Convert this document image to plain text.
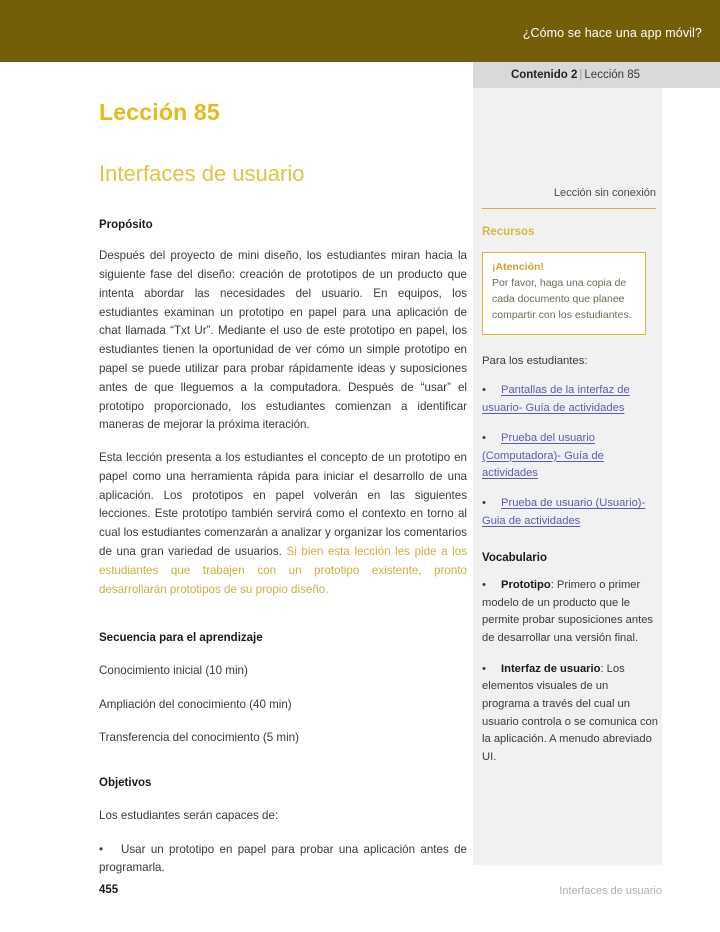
¿Cómo se hace una app móvil?
Contenido 2 | Lección 85
Lección 85
Interfaces de usuario
Propósito

Después del proyecto de mini diseño, los estudiantes miran hacia la siguiente fase del diseño: creación de prototipos de un producto que intenta abordar las necesidades del usuario. En equipos, los estudiantes examinan un prototipo en papel para una aplicación de chat llamada “Txt Ur”. Mediante el uso de este prototipo en papel, los estudiantes tienen la oportunidad de ver cómo un simple prototipo en papel se puede utilizar para probar rápidamente ideas y suposiciones antes de que lleguemos a la computadora. Después de “usar” el prototipo proporcionado, los estudiantes comienzan a identificar maneras de mejorar la próxima iteración.

Esta lección presenta a los estudiantes el concepto de un prototipo en papel como una herramienta rápida para iniciar el desarrollo de una aplicación. Los prototipos en papel volverán en las siguientes lecciones. Este prototipo también servirá como el contexto en torno al cual los estudiantes comenzarán a analizar y organizar los comentarios de una gran variedad de usuarios. Si bien esta lección les pide a los estudiantes que trabajen con un prototipo existente, pronto desarrollarán prototipos de su propio diseño.

Secuencia para el aprendizaje

Conocimiento inicial (10 min)

Ampliación del conocimiento (40 min)

Transferencia del conocimiento (5 min)

Objetivos

Los estudiantes serán capaces de:

• Usar un prototipo en papel para probar una aplicación antes de programarla.

Lección sin conexión

Recursos
¡Atención!
Por favor, haga una copia de cada documento que planee compartir con los estudiantes.

Para los estudiantes:

• Pantallas de la interfaz de usuario- Guía de actividades
• Prueba del usuario (Computadora)- Guía de actividades
• Prueba de usuario (Usuario)- Guia de actividades
Vocabulario
• Prototipo: Primero o primer modelo de un producto que le permite probar suposiciones antes de desarrollar una versión final.
• Interfaz de usuario: Los elementos visuales de un programa a través del cual un usuario controla o se comunica con la aplicación. A menudo abreviado UI.
455	Interfaces de usuario
